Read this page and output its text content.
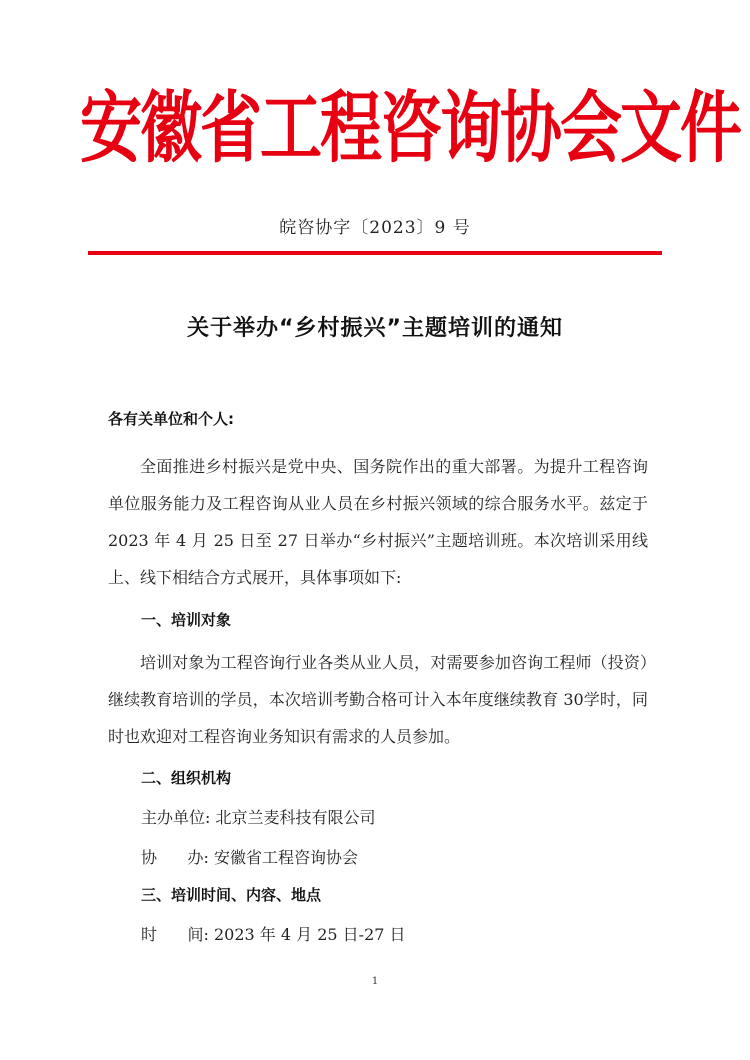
安徽省工程咨询协会文件
皖咨协字〔2023〕9 号
关于举办“乡村振兴”主题培训的通知
各有关单位和个人:

全面推进乡村振兴是党中央、国务院作出的重大部署。为提升工程咨询单位服务能力及工程咨询从业人员在乡村振兴领域的综合服务水平。兹定于 2023 年 4 月 25 日至 27 日举办“乡村振兴”主题培训班。本次培训采用线上、线下相结合方式展开，具体事项如下:

一、培训对象

培训对象为工程咨询行业各类从业人员，对需要参加咨询工程师（投资）继续教育培训的学员，本次培训考勤合格可计入本年度继续教育 30学时，同时也欢迎对工程咨询业务知识有需求的人员参加。

二、组织机构
主办单位: 北京兰麦科技有限公司
协      办: 安徽省工程咨询协会
三、培训时间、内容、地点
时      间: 2023 年 4 月 25 日-27 日
1
